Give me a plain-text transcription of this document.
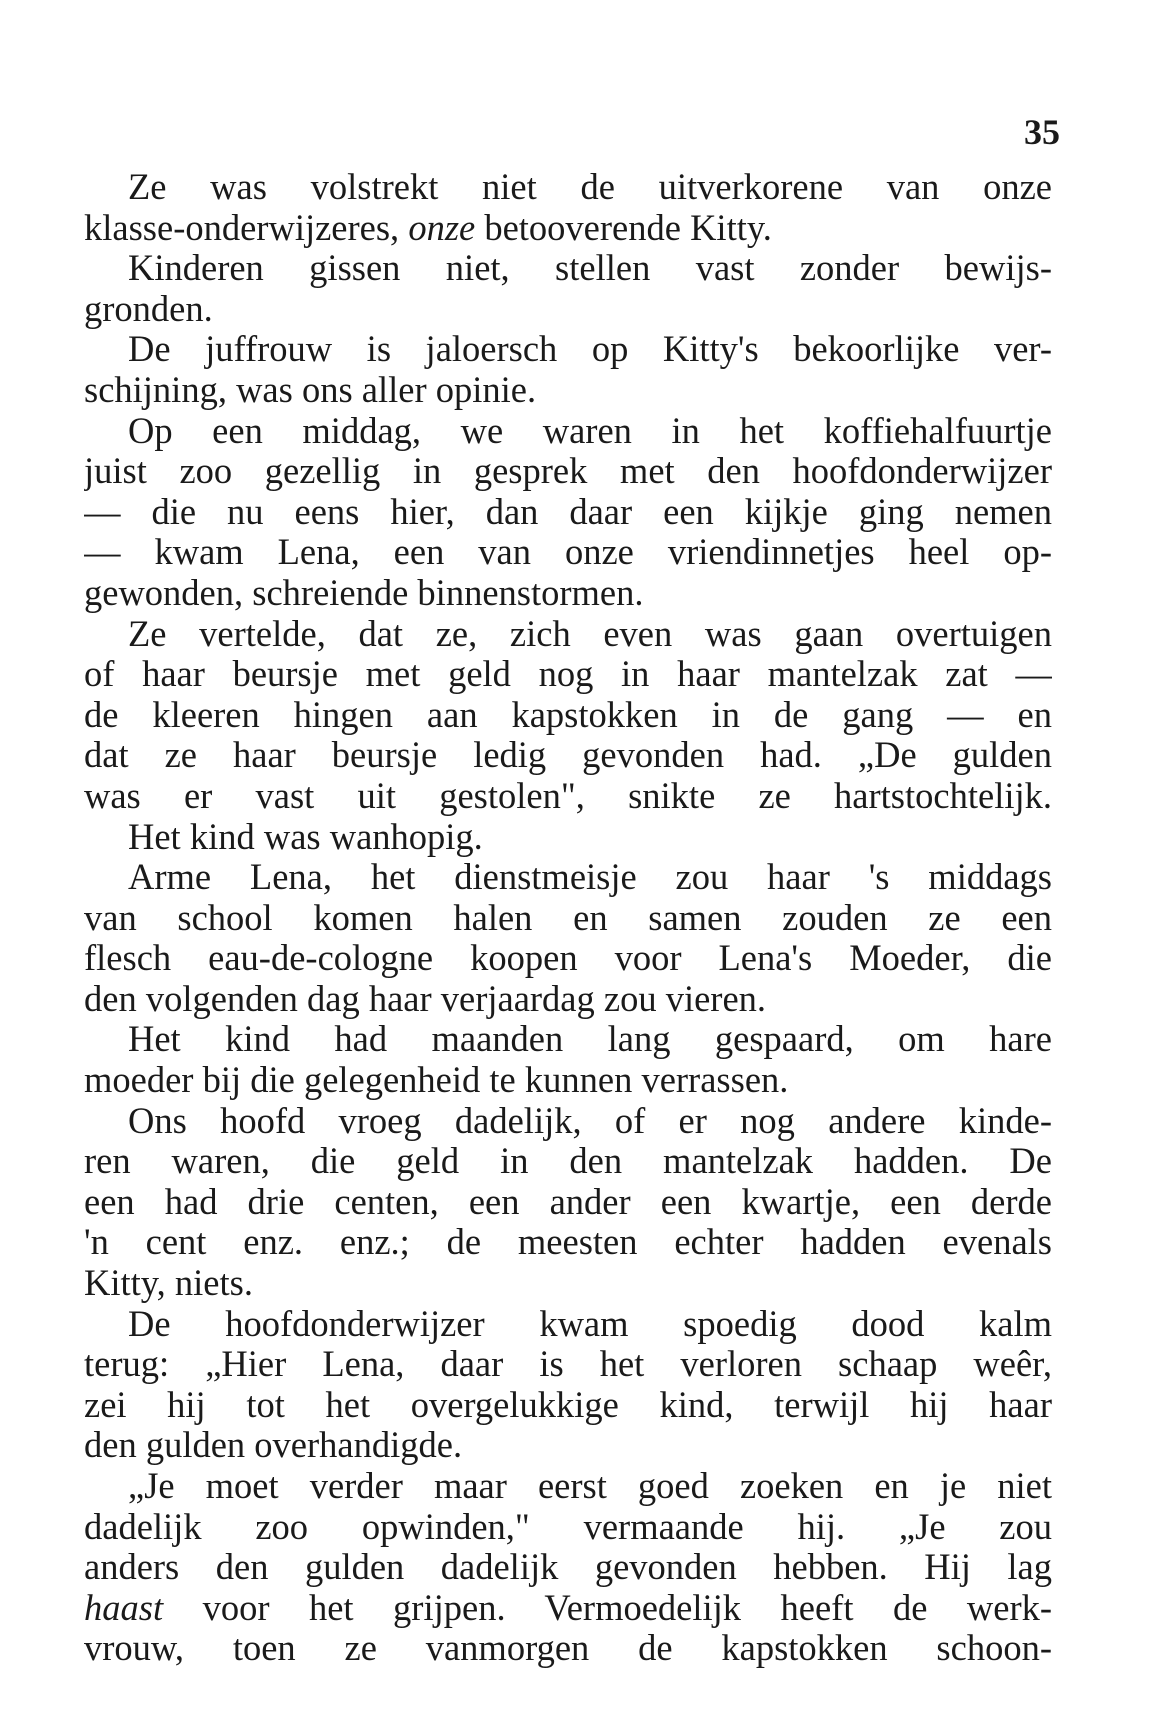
35
Ze was volstrekt niet de uitverkorene van onze
klasse-onderwijzeres, onze betooverende Kitty.
Kinderen gissen niet, stellen vast zonder bewijs-
gronden.
De juffrouw is jaloersch op Kitty's bekoorlijke ver-
schijning, was ons aller opinie.
Op een middag, we waren in het koffiehalfuurtje
juist zoo gezellig in gesprek met den hoofdonderwijzer
— die nu eens hier, dan daar een kijkje ging nemen
— kwam Lena, een van onze vriendinnetjes heel op-
gewonden, schreiende binnenstormen.
Ze vertelde, dat ze, zich even was gaan overtuigen
of haar beursje met geld nog in haar mantelzak zat —
de kleeren hingen aan kapstokken in de gang — en
dat ze haar beursje ledig gevonden had. „De gulden
was er vast uit gestolen", snikte ze hartstochtelijk.
Het kind was wanhopig.
Arme Lena, het dienstmeisje zou haar 's middags
van school komen halen en samen zouden ze een
flesch eau-de-cologne koopen voor Lena's Moeder, die
den volgenden dag haar verjaardag zou vieren.
Het kind had maanden lang gespaard, om hare
moeder bij die gelegenheid te kunnen verrassen.
Ons hoofd vroeg dadelijk, of er nog andere kinde-
ren waren, die geld in den mantelzak hadden. De
een had drie centen, een ander een kwartje, een derde
'n cent enz. enz.; de meesten echter hadden evenals
Kitty, niets.
De hoofdonderwijzer kwam spoedig dood kalm
terug: „Hier Lena, daar is het verloren schaap weêr,
zei hij tot het overgelukkige kind, terwijl hij haar
den gulden overhandigde.
„Je moet verder maar eerst goed zoeken en je niet
dadelijk zoo opwinden," vermaande hij. „Je zou
anders den gulden dadelijk gevonden hebben. Hij lag
haast voor het grijpen. Vermoedelijk heeft de werk-
vrouw, toen ze vanmorgen de kapstokken schoon-
